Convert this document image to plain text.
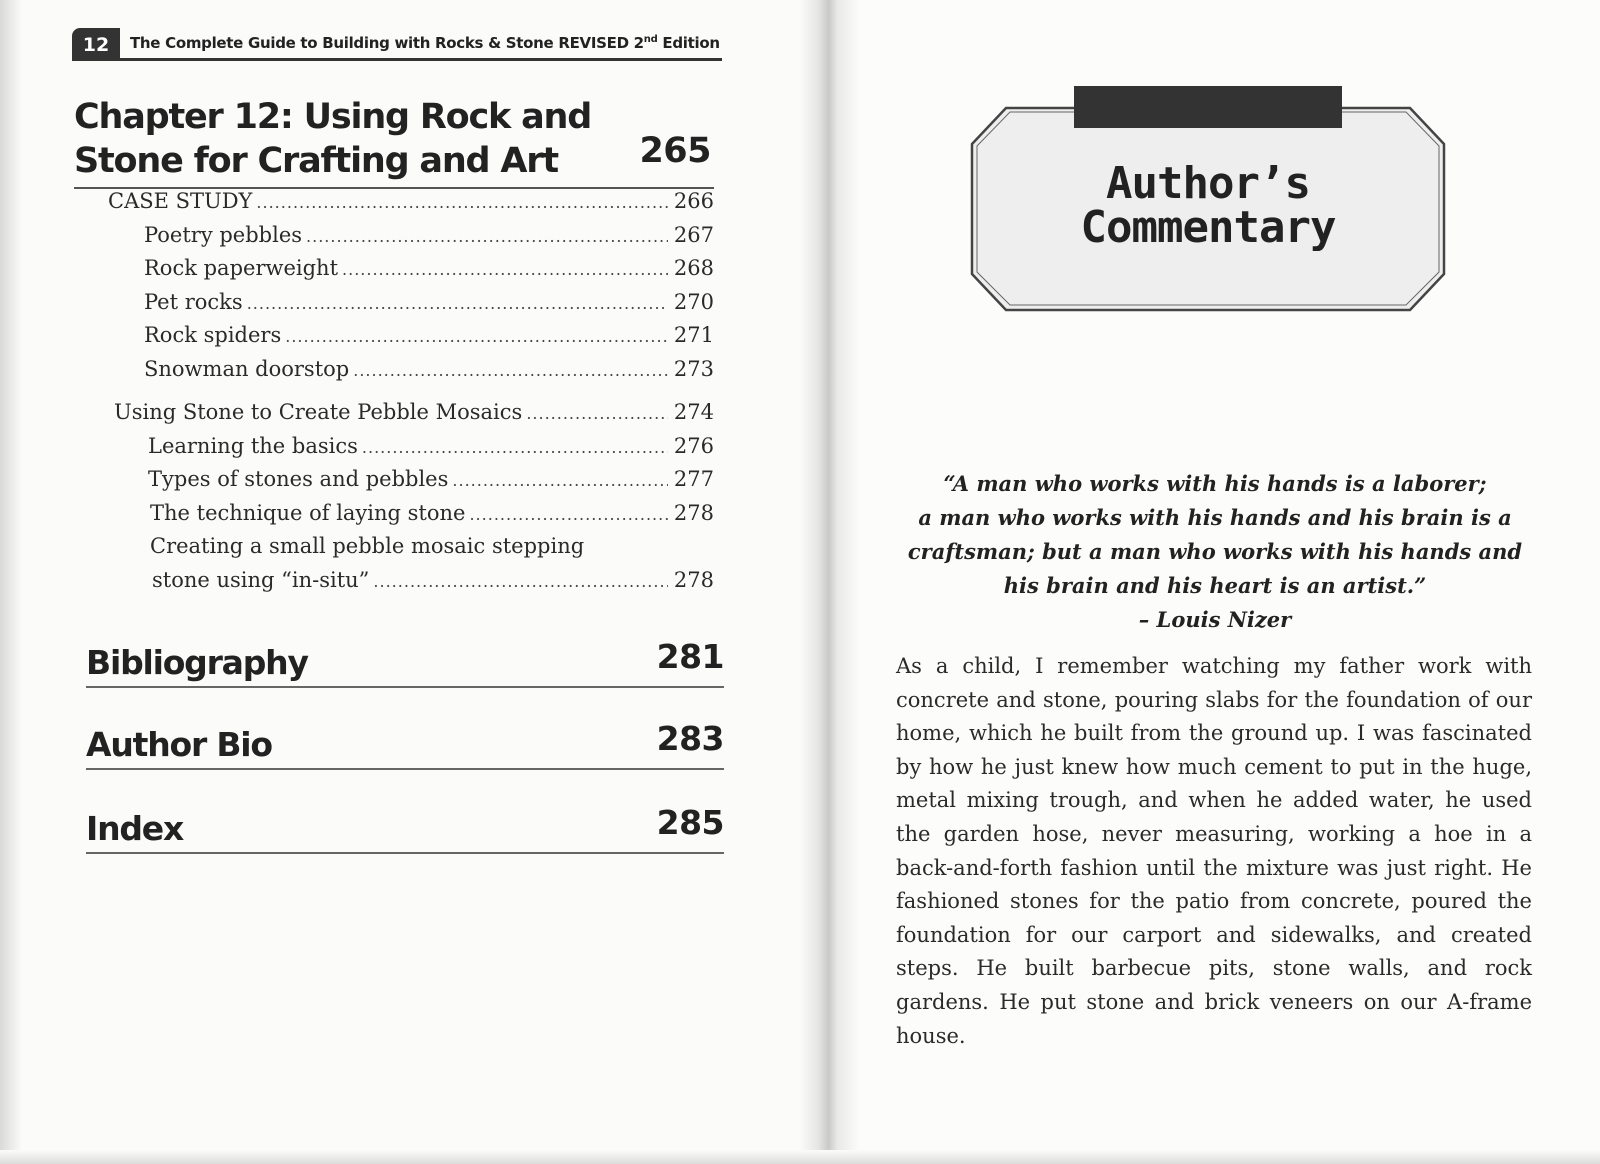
12	The Complete Guide to Building with Rocks & Stone REVISED 2nd Edition
Chapter 12: Using Rock and Stone for Crafting and Art	265
CASE STUDY .....	266
Poetry pebbles .....	267
Rock paperweight .....	268
Pet rocks .....	270
Rock spiders .....	271
Snowman doorstop .....	273
Using Stone to Create Pebble Mosaics .....	274
Learning the basics .....	276
Types of stones and pebbles .....	277
The technique of laying stone .....	278
Creating a small pebble mosaic stepping
stone using “in-situ” .....	278
Bibliography	281
Author Bio	283
Index	285
Author’s
Commentary
“A man who works with his hands is a laborer;
a man who works with his hands and his brain is a
craftsman; but a man who works with his hands and
his brain and his heart is an artist.”
– Louis Nizer
As a child, I remember watching my father work with concrete and stone, pouring slabs for the foundation of our home, which he built from the ground up. I was fascinated by how he just knew how much cement to put in the huge, metal mixing trough, and when he added water, he used the garden hose, never measuring, working a hoe in a back-and-forth fashion until the mixture was just right. He fashioned stones for the patio from concrete, poured the foundation for our carport and sidewalks, and created steps. He built barbecue pits, stone walls, and rock gardens. He put stone and brick veneers on our A-frame house.
